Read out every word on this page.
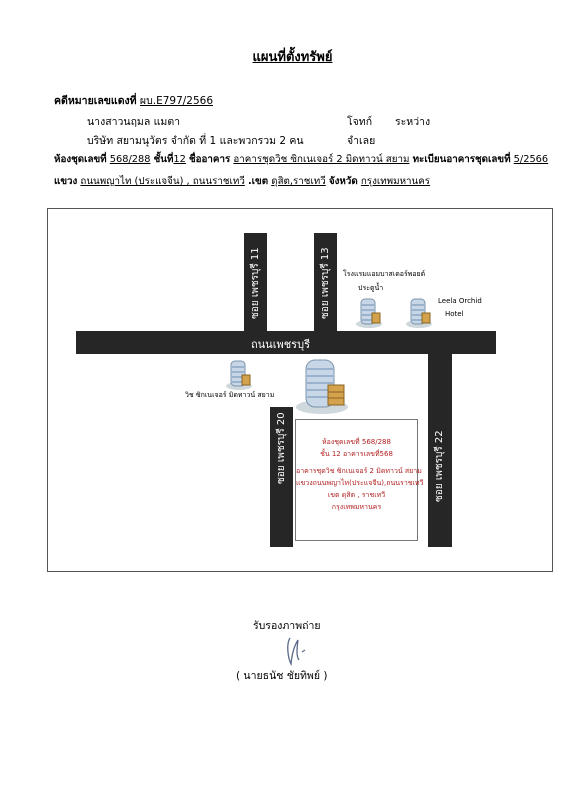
แผนที่ตั้งทรัพย์
คดีหมายเลขแดงที่ ผบ.E797/2566
นางสาวนฤมล แมตา	โจทก์ ระหว่าง
บริษัท สยามนุวัตร จำกัด ที่ 1 และพวกรวม 2 คน	จำเลย
ห้องชุดเลขที่ 568/288 ชั้นที่12 ชื่ออาคาร อาคารชุดวิช ซิกเนเจอร์ 2 มิดทาวน์ สยาม ทะเบียนอาคารชุดเลขที่ 5/2566
แขวง ถนนพญาไท (ประแจจีน) , ถนนราชเทวี .เขต ดุสิต,ราชเทวี จังหวัด กรุงเทพมหานคร
ซอย เพชรบุรี 11	ซอย เพชรบุรี 13
ถนนเพชรบุรี
ซอย เพชรบุรี 20	ซอย เพชรบุรี 22
โรงแรมแอมบาสเดอร์พอยต์
ประตูน้ำ
Leela Orchid
Hotel
วิช ซิกเนเจอร์ มิดทาวน์ สยาม
ห้องชุดเลขที่ 568/288
ชั้น 12 อาคารเลขที่568
อาคารชุดวิช ซิกเนเจอร์ 2 มิดทาวน์ สยาม
แขวงถนนพญาไท(ประแจจีน),ถนนราชเทวี
เขต ดุสิต , ราชเทวี
กรุงเทพมหานคร
รับรองภาพถ่าย
( นายธนัช ชัยทิพย์ )
